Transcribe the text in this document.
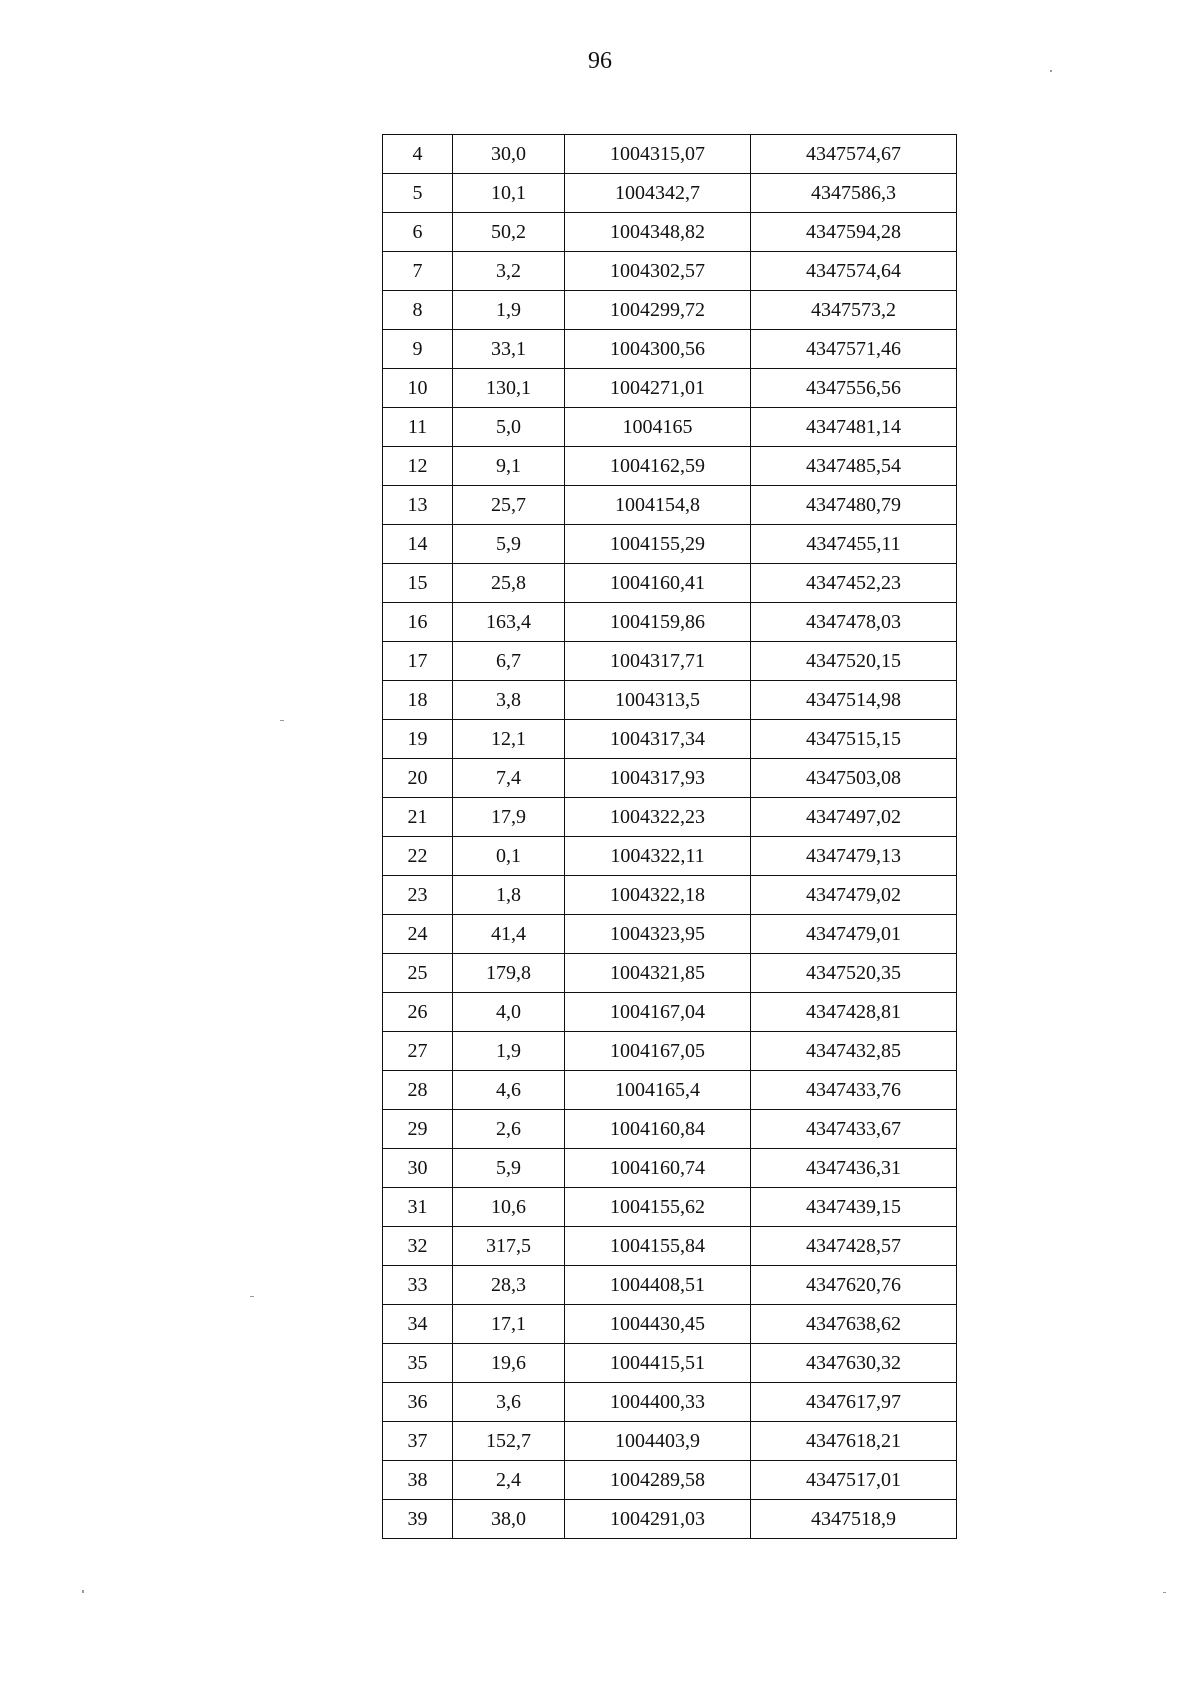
96
4	30,0	1004315,07	4347574,67
5	10,1	1004342,7	4347586,3
6	50,2	1004348,82	4347594,28
7	3,2	1004302,57	4347574,64
8	1,9	1004299,72	4347573,2
9	33,1	1004300,56	4347571,46
10	130,1	1004271,01	4347556,56
11	5,0	1004165	4347481,14
12	9,1	1004162,59	4347485,54
13	25,7	1004154,8	4347480,79
14	5,9	1004155,29	4347455,11
15	25,8	1004160,41	4347452,23
16	163,4	1004159,86	4347478,03
17	6,7	1004317,71	4347520,15
18	3,8	1004313,5	4347514,98
19	12,1	1004317,34	4347515,15
20	7,4	1004317,93	4347503,08
21	17,9	1004322,23	4347497,02
22	0,1	1004322,11	4347479,13
23	1,8	1004322,18	4347479,02
24	41,4	1004323,95	4347479,01
25	179,8	1004321,85	4347520,35
26	4,0	1004167,04	4347428,81
27	1,9	1004167,05	4347432,85
28	4,6	1004165,4	4347433,76
29	2,6	1004160,84	4347433,67
30	5,9	1004160,74	4347436,31
31	10,6	1004155,62	4347439,15
32	317,5	1004155,84	4347428,57
33	28,3	1004408,51	4347620,76
34	17,1	1004430,45	4347638,62
35	19,6	1004415,51	4347630,32
36	3,6	1004400,33	4347617,97
37	152,7	1004403,9	4347618,21
38	2,4	1004289,58	4347517,01
39	38,0	1004291,03	4347518,9
